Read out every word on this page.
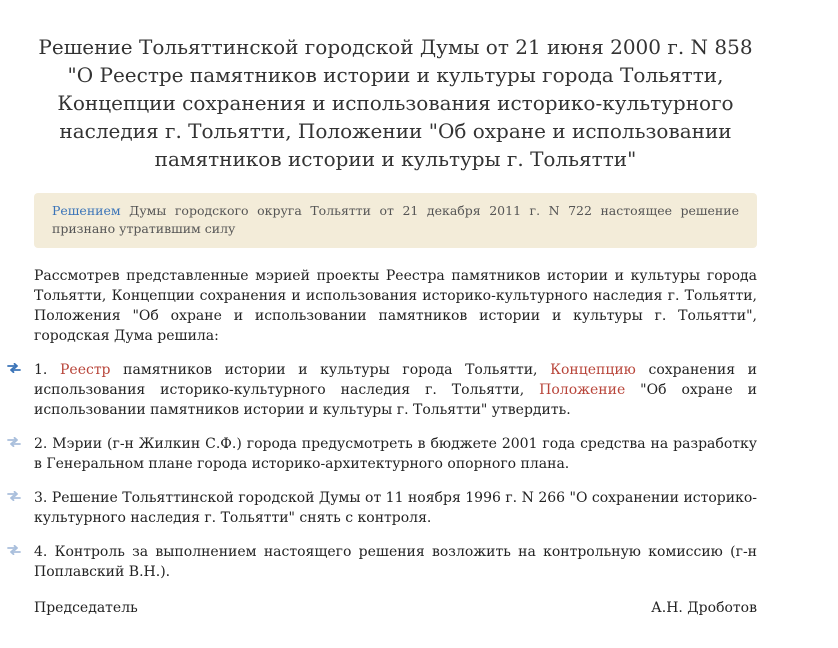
Решение Тольяттинской городской Думы от 21 июня 2000 г. N 858
"О Реестре памятников истории и культуры города Тольятти,
Концепции сохранения и использования историко-культурного
наследия г. Тольятти, Положении "Об охране и использовании
памятников истории и культуры г. Тольятти"
Решением Думы городского округа Тольятти от 21 декабря 2011 г. N 722 настоящее решение признано утратившим силу

Рассмотрев представленные мэрией проекты Реестра памятников истории и культуры города Тольятти, Концепции сохранения и использования историко-культурного наследия г. Тольятти, Положения "Об охране и использовании памятников истории и культуры г. Тольятти", городская Дума решила:

1. Реестр памятников истории и культуры города Тольятти, Концепцию сохранения и использования историко-культурного наследия г. Тольятти, Положение "Об охране и использовании памятников истории и культуры г. Тольятти" утвердить.

2. Мэрии (г-н Жилкин С.Ф.) города предусмотреть в бюджете 2001 года средства на разработку в Генеральном плане города историко-архитектурного опорного плана.

3. Решение Тольяттинской городской Думы от 11 ноября 1996 г. N 266 "О сохранении историко-культурного наследия г. Тольятти" снять с контроля.

4. Контроль за выполнением настоящего решения возложить на контрольную комиссию (г-н Поплавский В.Н.).

Председатель	А.Н. Дроботов
